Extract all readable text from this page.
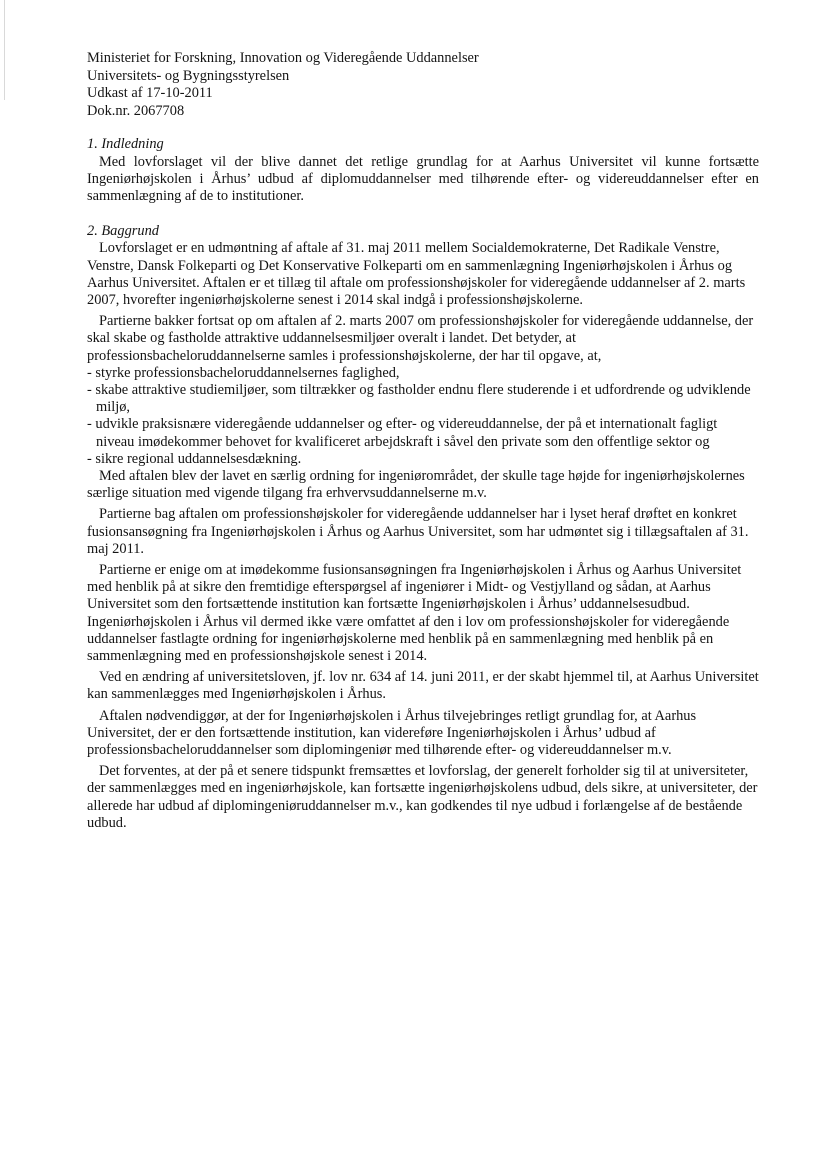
Ministeriet for Forskning, Innovation og Videregående Uddannelser
Universitets- og Bygningsstyrelsen
Udkast af 17-10-2011
Dok.nr. 2067708
1. Indledning

Med lovforslaget vil der blive dannet det retlige grundlag for at Aarhus Universitet vil kunne fortsætte Ingeniørhøjskolen i Århus’ udbud af diplomuddannelser med tilhørende efter- og videreuddannelser efter en sammenlægning af de to institutioner.

2. Baggrund

Lovforslaget er en udmøntning af aftale af 31. maj 2011 mellem Socialdemokraterne, Det Radikale Venstre, Venstre, Dansk Folkeparti og Det Konservative Folkeparti om en sammenlægning Ingeniørhøjskolen i Århus og Aarhus Universitet. Aftalen er et tillæg til aftale om professionshøjskoler for videregående uddannelser af 2. marts 2007, hvorefter ingeniørhøjskolerne senest i 2014 skal indgå i professionshøjskolerne.

Partierne bakker fortsat op om aftalen af 2. marts 2007 om professionshøjskoler for videregående uddannelse, der skal skabe og fastholde attraktive uddannelsesmiljøer overalt i landet. Det betyder, at professionsbacheloruddannelserne samles i professionshøjskolerne, der har til opgave, at,

- styrke professionsbacheloruddannelsernes faglighed,

- skabe attraktive studiemiljøer, som tiltrækker og fastholder endnu flere studerende i et udfordrende og udviklende miljø,

- udvikle praksisnære videregående uddannelser og efter- og videreuddannelse, der på et internationalt fagligt niveau imødekommer behovet for kvalificeret arbejdskraft i såvel den private som den offentlige sektor og

- sikre regional uddannelsesdækning.

Med aftalen blev der lavet en særlig ordning for ingeniørområdet, der skulle tage højde for ingeniørhøjskolernes særlige situation med vigende tilgang fra erhvervsuddannelserne m.v.

Partierne bag aftalen om professionshøjskoler for videregående uddannelser har i lyset heraf drøftet en konkret fusionsansøgning fra Ingeniørhøjskolen i Århus og Aarhus Universitet, som har udmøntet sig i tillægsaftalen af 31. maj 2011.

Partierne er enige om at imødekomme fusionsansøgningen fra Ingeniørhøjskolen i Århus og Aarhus Universitet med henblik på at sikre den fremtidige efterspørgsel af ingeniører i Midt- og Vestjylland og sådan, at Aarhus Universitet som den fortsættende institution kan fortsætte Ingeniørhøjskolen i Århus’ uddannelsesudbud. Ingeniørhøjskolen i Århus vil dermed ikke være omfattet af den i lov om professionshøjskoler for videregående uddannelser fastlagte ordning for ingeniørhøjskolerne med henblik på en sammenlægning med henblik på en sammenlægning med en professionshøjskole senest i 2014.

Ved en ændring af universitetsloven, jf. lov nr. 634 af 14. juni 2011, er der skabt hjemmel til, at Aarhus Universitet kan sammenlægges med Ingeniørhøjskolen i Århus.

Aftalen nødvendiggør, at der for Ingeniørhøjskolen i Århus tilvejebringes retligt grundlag for, at Aarhus Universitet, der er den fortsættende institution, kan videreføre Ingeniørhøjskolen i Århus’ udbud af professionsbacheloruddannelser som diplomingeniør med tilhørende efter- og videreuddannelser m.v.

Det forventes, at der på et senere tidspunkt fremsættes et lovforslag, der generelt forholder sig til at universiteter, der sammenlægges med en ingeniørhøjskole, kan fortsætte ingeniørhøjskolens udbud, dels sikre, at universiteter, der allerede har udbud af diplomingeniøruddannelser m.v., kan godkendes til nye udbud i forlængelse af de bestående udbud.
